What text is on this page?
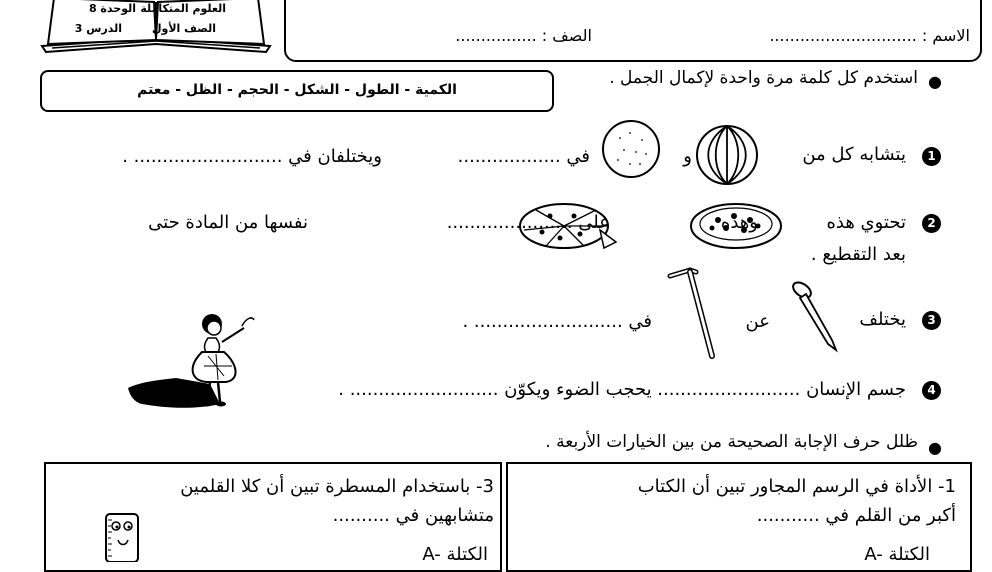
الاسم : .............................
الصف : ................
العلوم المتكاملة
الصف الأول
الوحدة 8
الدرس 3
●
استخدم كل كلمة مرة واحدة لإكمال الجمل .
الكمية - الطول - الشكل - الحجم - الظل - معتم
1
يتشابه كل من
و
في ..................
ويختلفان في .......................... .
2
تحتوي هذه
وهذه
على ......................
نفسها من المادة حتى
بعد التقطيع .
3
يختلف
عن
في .......................... .
4
جسم الإنسان ......................... يحجب الضوء ويكوّن .......................... .
●
ظلل حرف الإجابة الصحيحة من بين الخيارات الأربعة .
1- الأداة في الرسم المجاور تبين أن الكتاب
أكبر من القلم في ...........
A- الكتلة
3- باستخدام المسطرة تبين أن كلا القلمين
متشابهين في ..........
A- الكتلة
